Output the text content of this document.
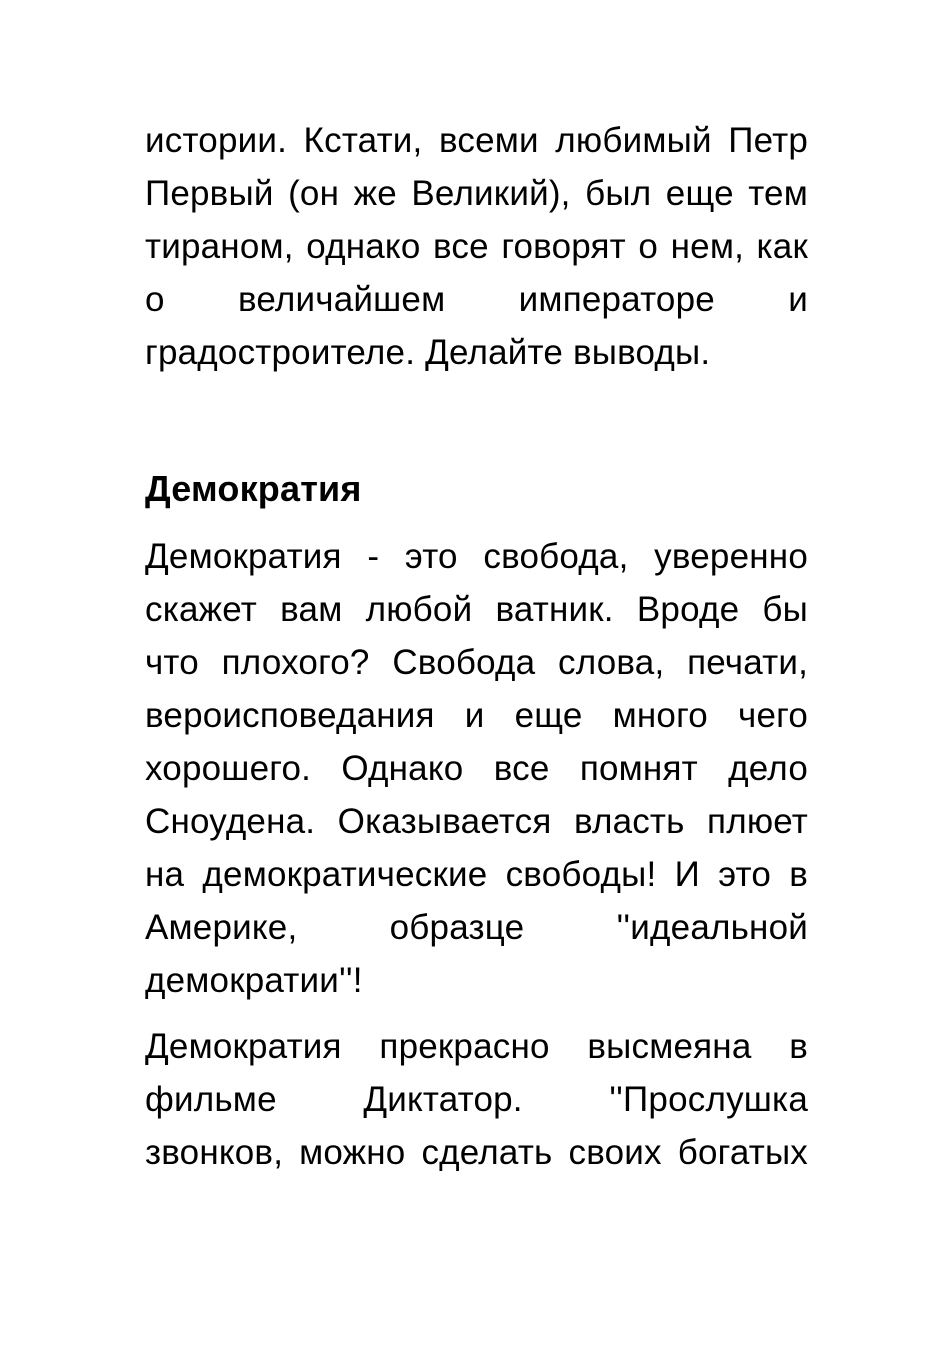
истории. Кстати, всеми любимый Петр
Первый (он же Великий), был еще тем
тираном, однако все говорят о нем, как
о величайшем императоре и
градостроителе. Делайте выводы.
Демократия
Демократия - это свобода, уверенно
скажет вам любой ватник. Вроде бы
что плохого? Свобода слова, печати,
вероисповедания и еще много чего
хорошего. Однако все помнят дело
Сноудена. Оказывается власть плюет
на демократические свободы! И это в
Америке, образце ''идеальной
демократии''!
Демократия прекрасно высмеяна в
фильме Диктатор. ''Прослушка
звонков, можно сделать своих богатых
